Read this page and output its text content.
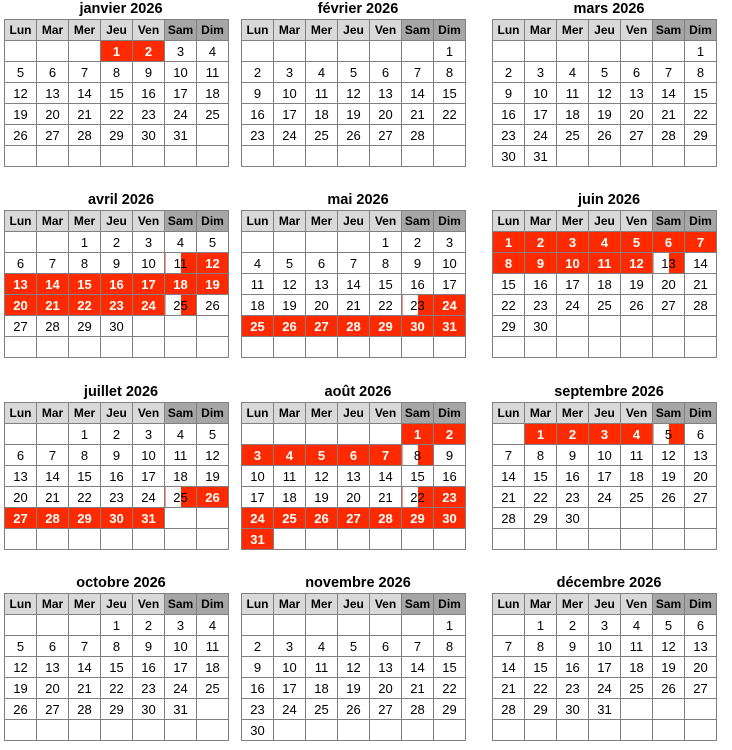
janvier 2026
Lun	Mar	Mer	Jeu	Ven	Sam	Dim
			1	2	3	4
5	6	7	8	9	10	11
12	13	14	15	16	17	18
19	20	21	22	23	24	25
26	27	28	29	30	31	

février 2026
Lun	Mar	Mer	Jeu	Ven	Sam	Dim
						1
2	3	4	5	6	7	8
9	10	11	12	13	14	15
16	17	18	19	20	21	22
23	24	25	26	27	28	

mars 2026
Lun	Mar	Mer	Jeu	Ven	Sam	Dim
						1
2	3	4	5	6	7	8
9	10	11	12	13	14	15
16	17	18	19	20	21	22
23	24	25	26	27	28	29
30	31					
avril 2026
Lun	Mar	Mer	Jeu	Ven	Sam	Dim
		1	2	3	4	5
6	7	8	9	10	11	12
13	14	15	16	17	18	19
20	21	22	23	24	25	26
27	28	29	30			

mai 2026
Lun	Mar	Mer	Jeu	Ven	Sam	Dim
				1	2	3
4	5	6	7	8	9	10
11	12	13	14	15	16	17
18	19	20	21	22	23	24
25	26	27	28	29	30	31

juin 2026
Lun	Mar	Mer	Jeu	Ven	Sam	Dim
1	2	3	4	5	6	7
8	9	10	11	12	13	14
15	16	17	18	19	20	21
22	23	24	25	26	27	28
29	30					

juillet 2026
Lun	Mar	Mer	Jeu	Ven	Sam	Dim
		1	2	3	4	5
6	7	8	9	10	11	12
13	14	15	16	17	18	19
20	21	22	23	24	25	26
27	28	29	30	31		

août 2026
Lun	Mar	Mer	Jeu	Ven	Sam	Dim
					1	2
3	4	5	6	7	8	9
10	11	12	13	14	15	16
17	18	19	20	21	22	23
24	25	26	27	28	29	30
31						
septembre 2026
Lun	Mar	Mer	Jeu	Ven	Sam	Dim
	1	2	3	4	5	6
7	8	9	10	11	12	13
14	15	16	17	18	19	20
21	22	23	24	25	26	27
28	29	30				

octobre 2026
Lun	Mar	Mer	Jeu	Ven	Sam	Dim
			1	2	3	4
5	6	7	8	9	10	11
12	13	14	15	16	17	18
19	20	21	22	23	24	25
26	27	28	29	30	31	

novembre 2026
Lun	Mar	Mer	Jeu	Ven	Sam	Dim
						1
2	3	4	5	6	7	8
9	10	11	12	13	14	15
16	17	18	19	20	21	22
23	24	25	26	27	28	29
30						
décembre 2026
Lun	Mar	Mer	Jeu	Ven	Sam	Dim
	1	2	3	4	5	6
7	8	9	10	11	12	13
14	15	16	17	18	19	20
21	22	23	24	25	26	27
28	29	30	31			
